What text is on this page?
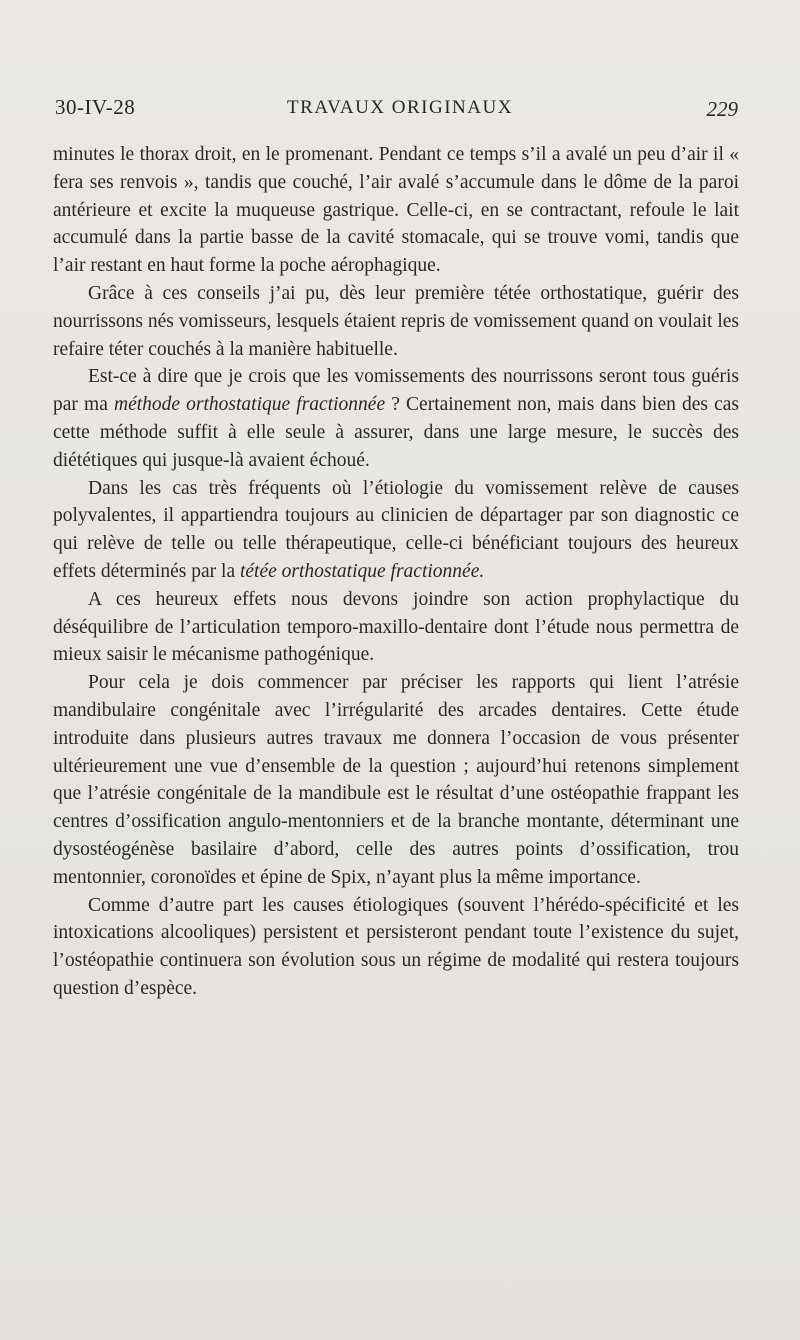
30-IV-28	TRAVAUX ORIGINAUX	229

minutes le thorax droit, en le promenant. Pendant ce temps s’il a avalé un peu d’air il « fera ses renvois », tandis que couché, l’air avalé s’accumule dans le dôme de la paroi antérieure et excite la muqueuse gastrique. Celle-ci, en se contractant, refoule le lait accumulé dans la partie basse de la cavité stomacale, qui se trouve vomi, tandis que l’air restant en haut forme la poche aérophagique.

Grâce à ces conseils j’ai pu, dès leur première tétée orthostatique, guérir des nourrissons nés vomisseurs, lesquels étaient repris de vomissement quand on voulait les refaire téter couchés à la manière habituelle.

Est-ce à dire que je crois que les vomissements des nourrissons seront tous guéris par ma méthode orthostatique fractionnée ? Certainement non, mais dans bien des cas cette méthode suffit à elle seule à assurer, dans une large mesure, le succès des diététiques qui jusque-là avaient échoué.

Dans les cas très fréquents où l’étiologie du vomissement relève de causes polyvalentes, il appartiendra toujours au clinicien de départager par son diagnostic ce qui relève de telle ou telle thérapeutique, celle-ci bénéficiant toujours des heureux effets déterminés par la tétée orthostatique fractionnée.

A ces heureux effets nous devons joindre son action prophylactique du déséquilibre de l’articulation temporo-maxillo-dentaire dont l’étude nous permettra de mieux saisir le mécanisme pathogénique.

Pour cela je dois commencer par préciser les rapports qui lient l’atrésie mandibulaire congénitale avec l’irrégularité des arcades dentaires. Cette étude introduite dans plusieurs autres travaux me donnera l’occasion de vous présenter ultérieurement une vue d’ensemble de la question ; aujourd’hui retenons simplement que l’atrésie congénitale de la mandibule est le résultat d’une ostéopathie frappant les centres d’ossification angulo-mentonniers et de la branche montante, déterminant une dysostéogénèse basilaire d’abord, celle des autres points d’ossification, trou mentonnier, coronoïdes et épine de Spix, n’ayant plus la même importance.

Comme d’autre part les causes étiologiques (souvent l’hérédo-spécificité et les intoxications alcooliques) persistent et persisteront pendant toute l’existence du sujet, l’ostéopathie continuera son évolution sous un régime de modalité qui restera toujours question d’espèce.
